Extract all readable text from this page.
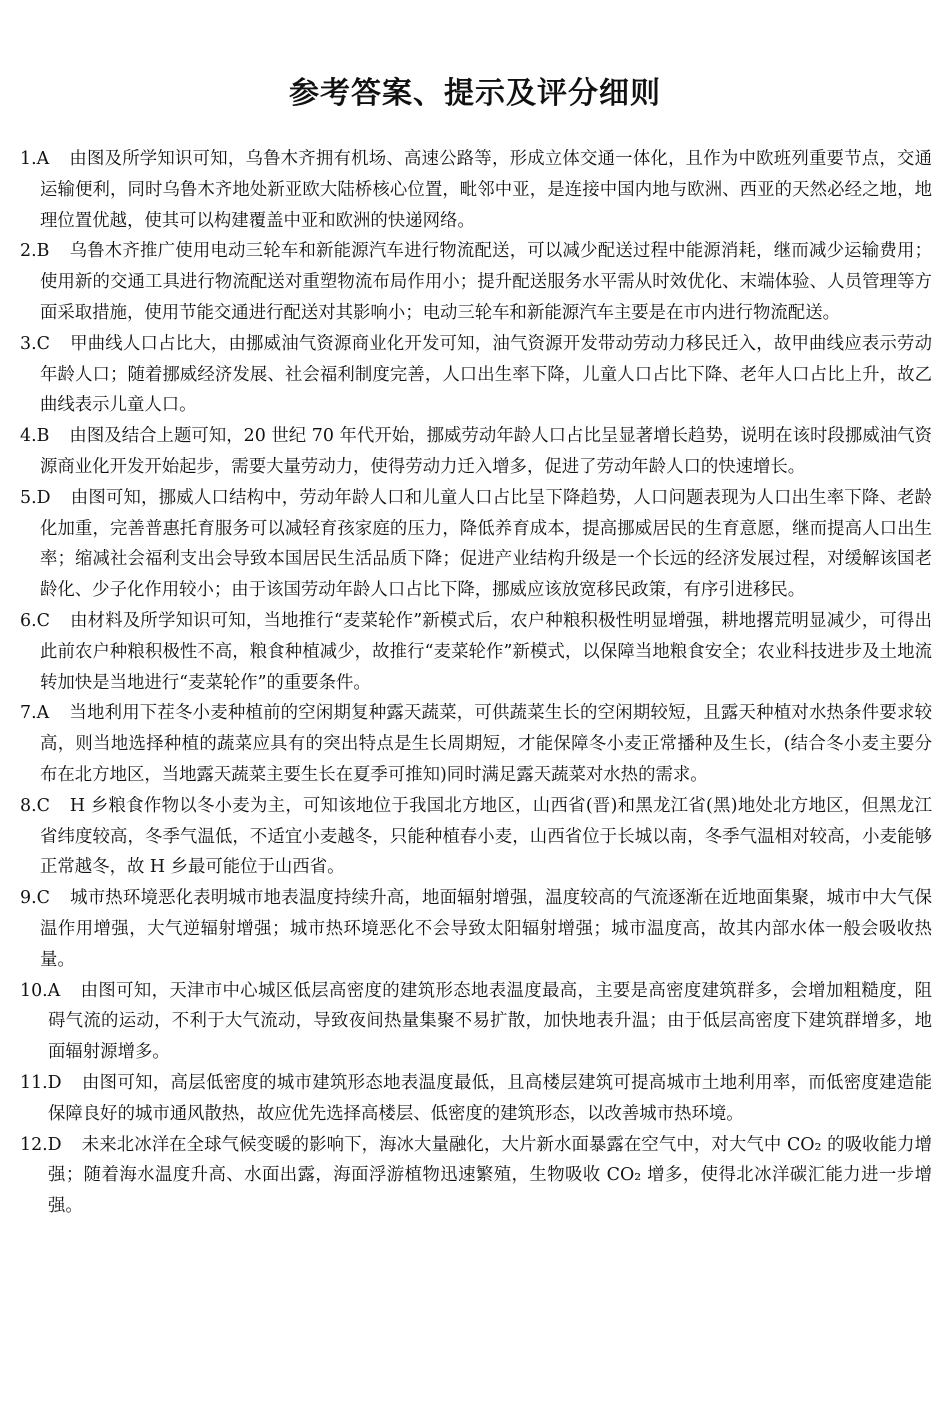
参考答案、提示及评分细则

1.A 由图及所学知识可知，乌鲁木齐拥有机场、高速公路等，形成立体交通一体化，且作为中欧班列重要节点，交通运输便利，同时乌鲁木齐地处新亚欧大陆桥核心位置，毗邻中亚，是连接中国内地与欧洲、西亚的天然必经之地，地理位置优越，使其可以构建覆盖中亚和欧洲的快递网络。

2.B 乌鲁木齐推广使用电动三轮车和新能源汽车进行物流配送，可以减少配送过程中能源消耗，继而减少运输费用；使用新的交通工具进行物流配送对重塑物流布局作用小；提升配送服务水平需从时效优化、末端体验、人员管理等方面采取措施，使用节能交通进行配送对其影响小；电动三轮车和新能源汽车主要是在市内进行物流配送。

3.C 甲曲线人口占比大，由挪威油气资源商业化开发可知，油气资源开发带动劳动力移民迁入，故甲曲线应表示劳动年龄人口；随着挪威经济发展、社会福利制度完善，人口出生率下降，儿童人口占比下降、老年人口占比上升，故乙曲线表示儿童人口。

4.B 由图及结合上题可知，20 世纪 70 年代开始，挪威劳动年龄人口占比呈显著增长趋势，说明在该时段挪威油气资源商业化开发开始起步，需要大量劳动力，使得劳动力迁入增多，促进了劳动年龄人口的快速增长。

5.D 由图可知，挪威人口结构中，劳动年龄人口和儿童人口占比呈下降趋势，人口问题表现为人口出生率下降、老龄化加重，完善普惠托育服务可以减轻育孩家庭的压力，降低养育成本，提高挪威居民的生育意愿，继而提高人口出生率；缩减社会福利支出会导致本国居民生活品质下降；促进产业结构升级是一个长远的经济发展过程，对缓解该国老龄化、少子化作用较小；由于该国劳动年龄人口占比下降，挪威应该放宽移民政策，有序引进移民。

6.C 由材料及所学知识可知，当地推行“麦菜轮作”新模式后，农户种粮积极性明显增强，耕地撂荒明显减少，可得出此前农户种粮积极性不高，粮食种植减少，故推行“麦菜轮作”新模式，以保障当地粮食安全；农业科技进步及土地流转加快是当地进行“麦菜轮作”的重要条件。

7.A 当地利用下茬冬小麦种植前的空闲期复种露天蔬菜，可供蔬菜生长的空闲期较短，且露天种植对水热条件要求较高，则当地选择种植的蔬菜应具有的突出特点是生长周期短，才能保障冬小麦正常播种及生长，(结合冬小麦主要分布在北方地区，当地露天蔬菜主要生长在夏季可推知)同时满足露天蔬菜对水热的需求。

8.C H 乡粮食作物以冬小麦为主，可知该地位于我国北方地区，山西省(晋)和黑龙江省(黑)地处北方地区，但黑龙江省纬度较高，冬季气温低，不适宜小麦越冬，只能种植春小麦，山西省位于长城以南，冬季气温相对较高，小麦能够正常越冬，故 H 乡最可能位于山西省。

9.C 城市热环境恶化表明城市地表温度持续升高，地面辐射增强，温度较高的气流逐渐在近地面集聚，城市中大气保温作用增强，大气逆辐射增强；城市热环境恶化不会导致太阳辐射增强；城市温度高，故其内部水体一般会吸收热量。

10.A 由图可知，天津市中心城区低层高密度的建筑形态地表温度最高，主要是高密度建筑群多，会增加粗糙度，阻碍气流的运动，不利于大气流动，导致夜间热量集聚不易扩散，加快地表升温；由于低层高密度下建筑群增多，地面辐射源增多。

11.D 由图可知，高层低密度的城市建筑形态地表温度最低，且高楼层建筑可提高城市土地利用率，而低密度建造能保障良好的城市通风散热，故应优先选择高楼层、低密度的建筑形态，以改善城市热环境。

12.D 未来北冰洋在全球气候变暖的影响下，海冰大量融化，大片新水面暴露在空气中，对大气中 CO₂ 的吸收能力增强；随着海水温度升高、水面出露，海面浮游植物迅速繁殖，生物吸收 CO₂ 增多，使得北冰洋碳汇能力进一步增强。
